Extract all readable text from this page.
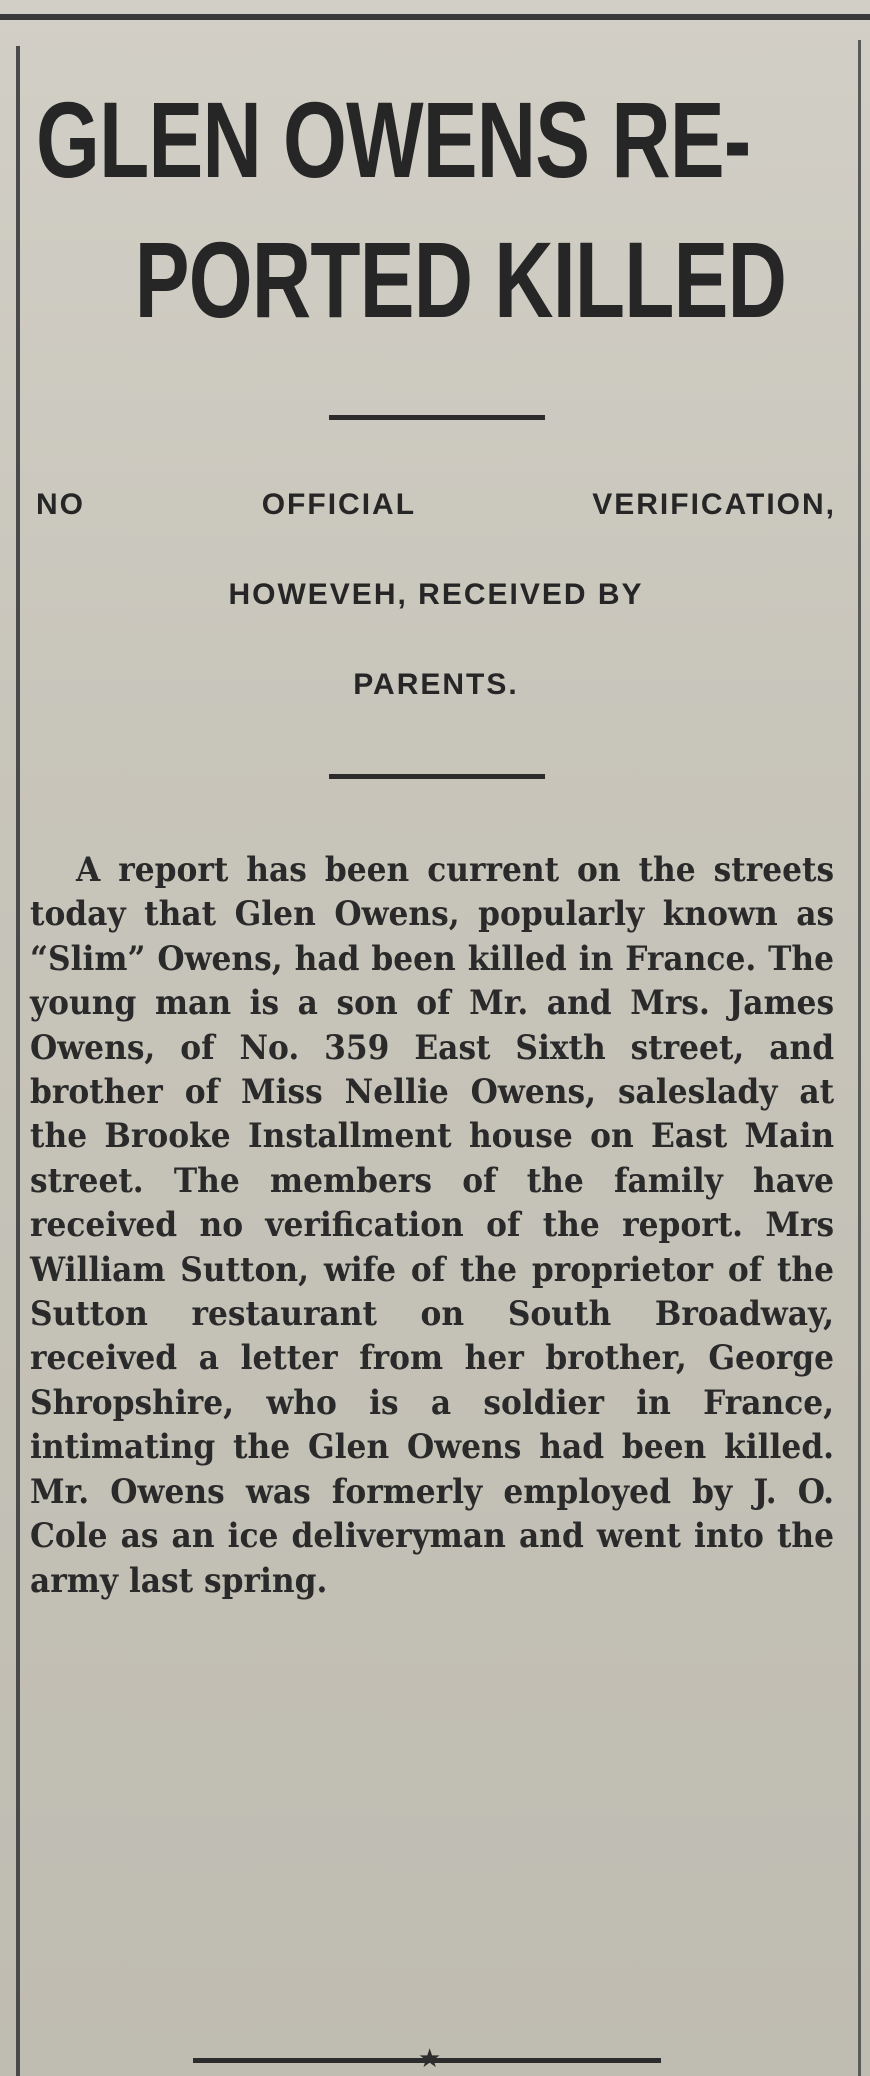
GLEN OWENS RE-
PORTED KILLED
NO OFFICIAL VERIFICATION,
HOWEVEH, RECEIVED BY
PARENTS.

A report has been current on the streets today that Glen Owens, popularly known as “Slim” Owens, had been killed in France. The young man is a son of Mr. and Mrs. James Owens, of No. 359 East Sixth street, and brother of Miss Nellie Owens, saleslady at the Brooke Installment house on East Main street. The members of the family have received no verification of the report. Mrs William Sutton, wife of the proprietor of the Sutton restaurant on South Broadway, received a letter from her brother, George Shropshire, who is a soldier in France, intimating the Glen Owens had been killed. Mr. Owens was formerly employed by J. O. Cole as an ice deliveryman and went into the army last spring.

★
